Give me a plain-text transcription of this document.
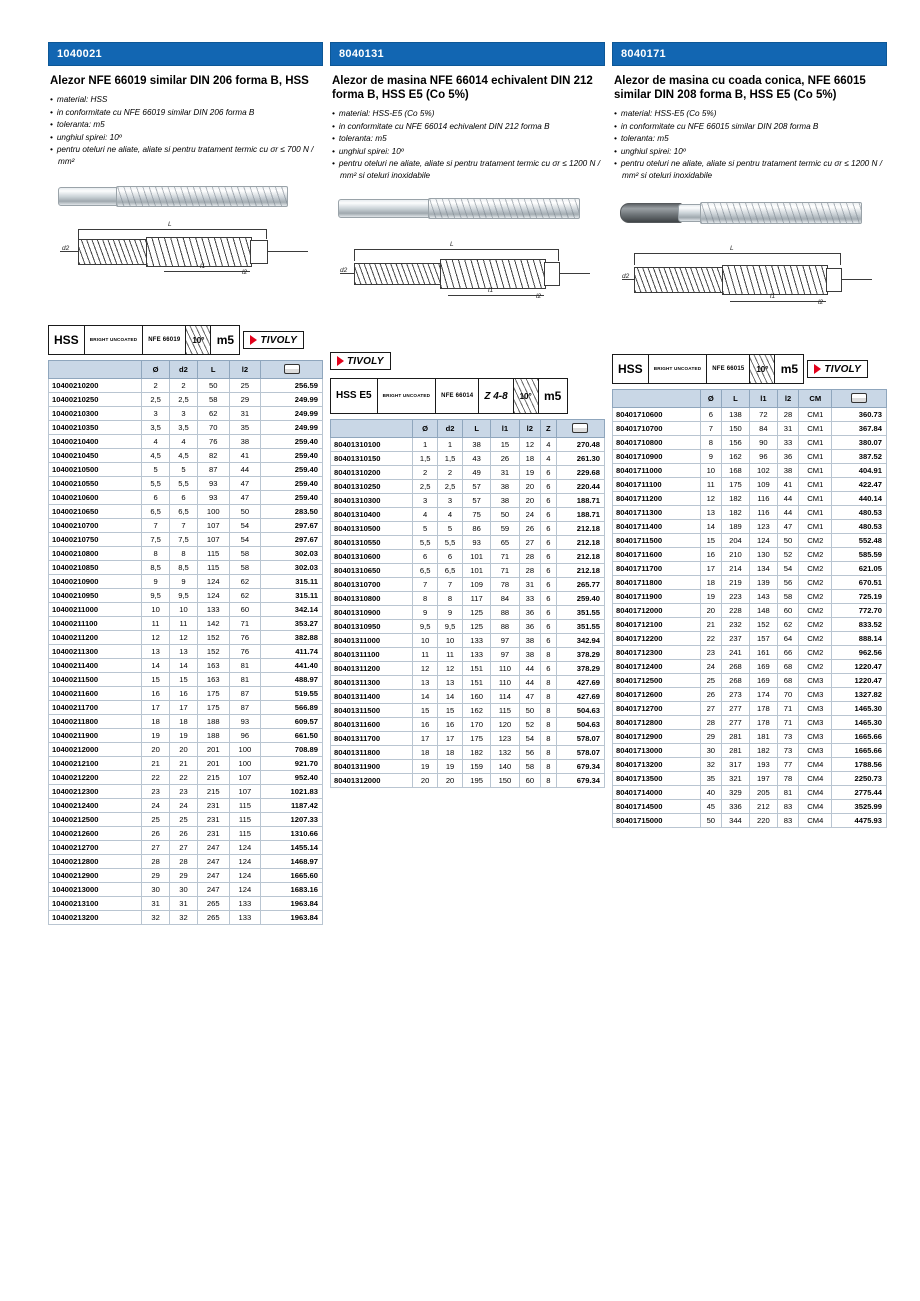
1040021
Alezor NFE 66019 similar DIN 206 forma B, HSS
• material: HSS
• in conformitate cu NFE 66019 similar DIN 206 forma B
• toleranta: m5
• unghiul spirei: 10º
• pentru oteluri ne aliate, aliate si pentru tratament termic cu σr ≤ 700 N / mm²
L
l1
l2
d2
HSS BRIGHT UNCOATED NFE 66019 10° m5	TIVOLY
	Ø	d2	L	l2	
10400210200	2	2	50	25	256.59
10400210250	2,5	2,5	58	29	249.99
10400210300	3	3	62	31	249.99
10400210350	3,5	3,5	70	35	249.99
10400210400	4	4	76	38	259.40
10400210450	4,5	4,5	82	41	259.40
10400210500	5	5	87	44	259.40
10400210550	5,5	5,5	93	47	259.40
10400210600	6	6	93	47	259.40
10400210650	6,5	6,5	100	50	283.50
10400210700	7	7	107	54	297.67
10400210750	7,5	7,5	107	54	297.67
10400210800	8	8	115	58	302.03
10400210850	8,5	8,5	115	58	302.03
10400210900	9	9	124	62	315.11
10400210950	9,5	9,5	124	62	315.11
10400211000	10	10	133	60	342.14
10400211100	11	11	142	71	353.27
10400211200	12	12	152	76	382.88
10400211300	13	13	152	76	411.74
10400211400	14	14	163	81	441.40
10400211500	15	15	163	81	488.97
10400211600	16	16	175	87	519.55
10400211700	17	17	175	87	566.89
10400211800	18	18	188	93	609.57
10400211900	19	19	188	96	661.50
10400212000	20	20	201	100	708.89
10400212100	21	21	201	100	921.70
10400212200	22	22	215	107	952.40
10400212300	23	23	215	107	1021.83
10400212400	24	24	231	115	1187.42
10400212500	25	25	231	115	1207.33
10400212600	26	26	231	115	1310.66
10400212700	27	27	247	124	1455.14
10400212800	28	28	247	124	1468.97
10400212900	29	29	247	124	1665.60
10400213000	30	30	247	124	1683.16
10400213100	31	31	265	133	1963.84
10400213200	32	32	265	133	1963.84
8040131
Alezor de masina NFE 66014 echivalent DIN 212 forma B, HSS E5 (Co 5%)
• material: HSS-E5 (Co 5%)
• in conformitate cu NFE 66014 echivalent DIN 212 forma B
• toleranta: m5
• unghiul spirei: 10º
• pentru oteluri ne aliate, aliate si pentru tratament termic cu σr ≤ 1200 N / mm² si oteluri inoxidabile
L
l1
l2
d2
TIVOLY
HSS E5 BRIGHT UNCOATED NFE 66014 Z 4-8 10° m5
	Ø	d2	L	l1	l2	Z	
80401310100	1	1	38	15	12	4	270.48
80401310150	1,5	1,5	43	26	18	4	261.30
80401310200	2	2	49	31	19	6	229.68
80401310250	2,5	2,5	57	38	20	6	220.44
80401310300	3	3	57	38	20	6	188.71
80401310400	4	4	75	50	24	6	188.71
80401310500	5	5	86	59	26	6	212.18
80401310550	5,5	5,5	93	65	27	6	212.18
80401310600	6	6	101	71	28	6	212.18
80401310650	6,5	6,5	101	71	28	6	212.18
80401310700	7	7	109	78	31	6	265.77
80401310800	8	8	117	84	33	6	259.40
80401310900	9	9	125	88	36	6	351.55
80401310950	9,5	9,5	125	88	36	6	351.55
80401311000	10	10	133	97	38	6	342.94
80401311100	11	11	133	97	38	8	378.29
80401311200	12	12	151	110	44	6	378.29
80401311300	13	13	151	110	44	8	427.69
80401311400	14	14	160	114	47	8	427.69
80401311500	15	15	162	115	50	8	504.63
80401311600	16	16	170	120	52	8	504.63
80401311700	17	17	175	123	54	8	578.07
80401311800	18	18	182	132	56	8	578.07
80401311900	19	19	159	140	58	8	679.34
80401312000	20	20	195	150	60	8	679.34
8040171
Alezor de masina cu coada conica, NFE 66015 similar DIN 208 forma B, HSS E5 (Co 5%)
• material: HSS-E5 (Co 5%)
• in conformitate cu NFE 66015 similar DIN 208 forma B
• toleranta: m5
• unghiul spirei: 10º
• pentru oteluri ne aliate, aliate si pentru tratament termic cu σr ≤ 1200 N / mm² si oteluri inoxidabile
L
l1
l2
d2
HSS BRIGHT UNCOATED NFE 66015 10° m5	TIVOLY
	Ø	L	l1	l2	CM	
80401710600	6	138	72	28	CM1	360.73
80401710700	7	150	84	31	CM1	367.84
80401710800	8	156	90	33	CM1	380.07
80401710900	9	162	96	36	CM1	387.52
80401711000	10	168	102	38	CM1	404.91
80401711100	11	175	109	41	CM1	422.47
80401711200	12	182	116	44	CM1	440.14
80401711300	13	182	116	44	CM1	480.53
80401711400	14	189	123	47	CM1	480.53
80401711500	15	204	124	50	CM2	552.48
80401711600	16	210	130	52	CM2	585.59
80401711700	17	214	134	54	CM2	621.05
80401711800	18	219	139	56	CM2	670.51
80401711900	19	223	143	58	CM2	725.19
80401712000	20	228	148	60	CM2	772.70
80401712100	21	232	152	62	CM2	833.52
80401712200	22	237	157	64	CM2	888.14
80401712300	23	241	161	66	CM2	962.56
80401712400	24	268	169	68	CM2	1220.47
80401712500	25	268	169	68	CM3	1220.47
80401712600	26	273	174	70	CM3	1327.82
80401712700	27	277	178	71	CM3	1465.30
80401712800	28	277	178	71	CM3	1465.30
80401712900	29	281	181	73	CM3	1665.66
80401713000	30	281	182	73	CM3	1665.66
80401713200	32	317	193	77	CM4	1788.56
80401713500	35	321	197	78	CM4	2250.73
80401714000	40	329	205	81	CM4	2775.44
80401714500	45	336	212	83	CM4	3525.99
80401715000	50	344	220	83	CM4	4475.93
